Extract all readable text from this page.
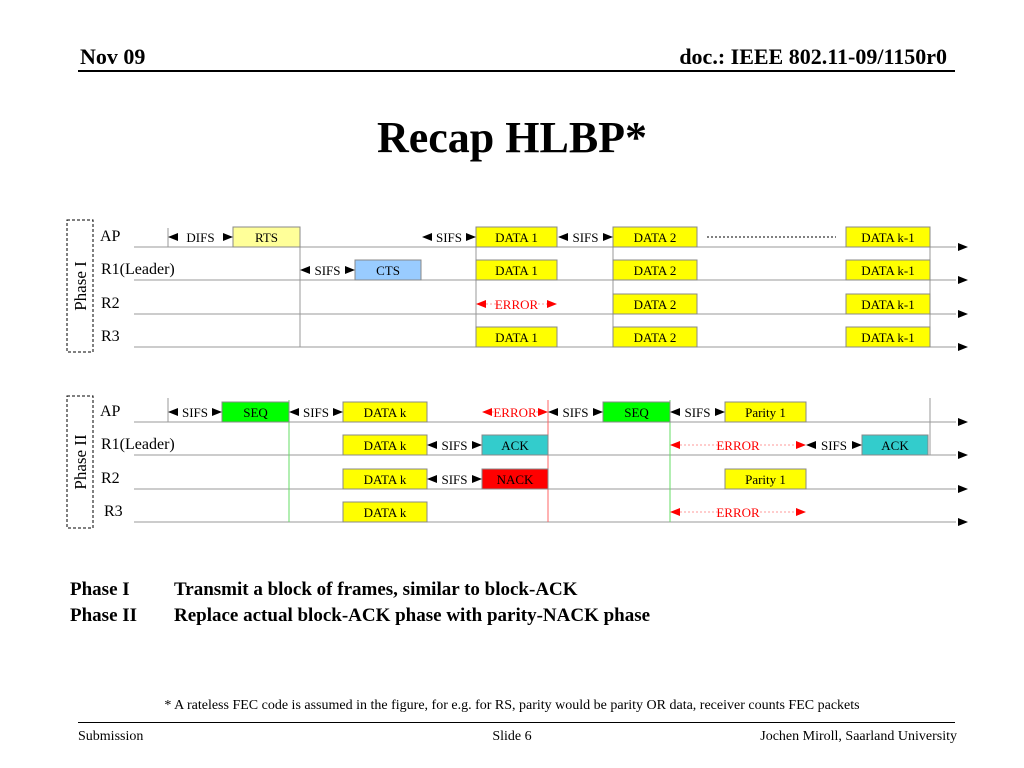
Nov 09	doc.: IEEE 802.11-09/1150r0
Recap HLBP*
Phase I
AP
R1(Leader)
R2
R3
RTS	DATA 1	DATA 2	DATA k-1
CTS	DATA 1	DATA 2	DATA k-1
DATA 2	DATA k-1
DATA 1	DATA 2	DATA k-1
DIFS	SIFS	SIFS
SIFS
ERROR
Phase II
AP
R1(Leader)
R2
R3
SEQ	DATA k	SEQ	Parity 1
DATA k	ACK	ACK
DATA k	NACK	Parity 1
DATA k
SIFS	SIFS	ERROR SIFS	SIFS
SIFS	ERROR	SIFS
SIFS
ERROR
Phase I Transmit a block of frames, similar to block-ACK
Phase II Replace actual block-ACK phase with parity-NACK phase
* A rateless FEC code is assumed in the figure, for e.g. for RS, parity would be parity OR data, receiver counts FEC packets
Submission	Slide 6	Jochen Miroll, Saarland University
